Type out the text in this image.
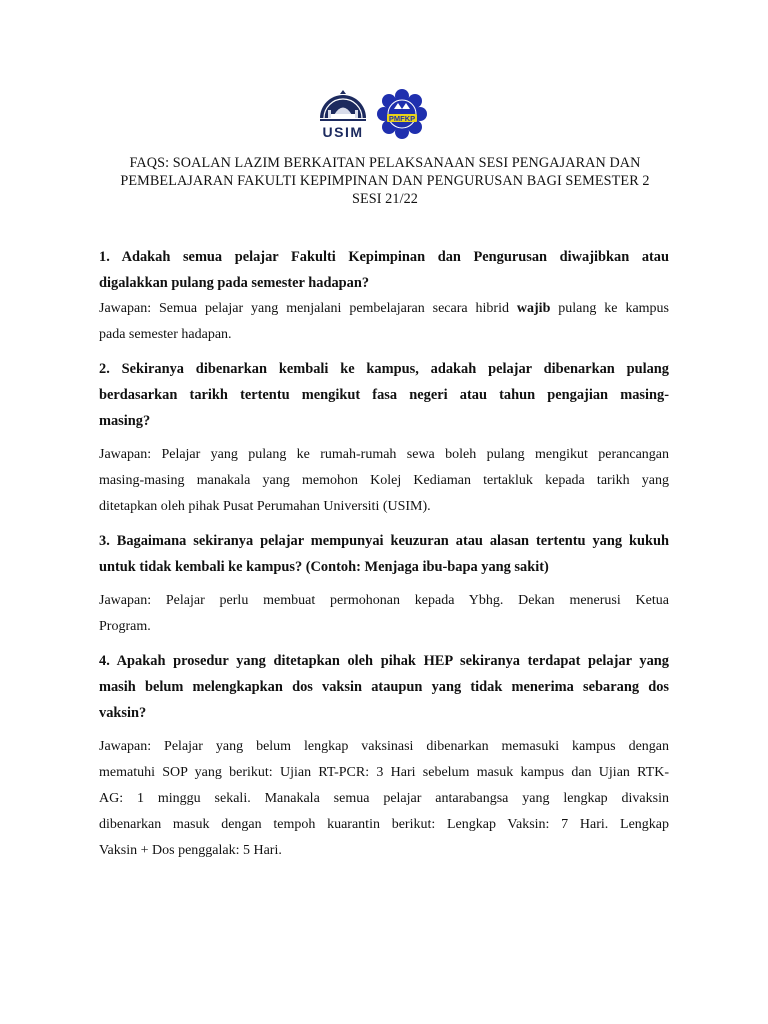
USIM
PMFKP
FAQS: SOALAN LAZIM BERKAITAN PELAKSANAAN SESI PENGAJARAN DAN
PEMBELAJARAN FAKULTI KEPIMPINAN DAN PENGURUSAN BAGI SEMESTER 2
SESI 21/22

1. Adakah semua pelajar Fakulti Kepimpinan dan Pengurusan diwajibkan atau

digalakkan pulang pada semester hadapan?

Jawapan: Semua pelajar yang menjalani pembelajaran secara hibrid wajib pulang ke kampus

pada semester hadapan.

2. Sekiranya dibenarkan kembali ke kampus, adakah pelajar dibenarkan pulang

berdasarkan tarikh tertentu mengikut fasa negeri atau tahun pengajian masing-

masing?

Jawapan: Pelajar yang pulang ke rumah-rumah sewa boleh pulang mengikut perancangan

masing-masing manakala yang memohon Kolej Kediaman tertakluk kepada tarikh yang

ditetapkan oleh pihak Pusat Perumahan Universiti (USIM).

3. Bagaimana sekiranya pelajar mempunyai keuzuran atau alasan tertentu yang kukuh

untuk tidak kembali ke kampus? (Contoh: Menjaga ibu-bapa yang sakit)

Jawapan: Pelajar perlu membuat permohonan kepada Ybhg. Dekan menerusi Ketua

Program.

4. Apakah prosedur yang ditetapkan oleh pihak HEP sekiranya terdapat pelajar yang

masih belum melengkapkan dos vaksin ataupun yang tidak menerima sebarang dos

vaksin?

Jawapan: Pelajar yang belum lengkap vaksinasi dibenarkan memasuki kampus dengan

mematuhi SOP yang berikut: Ujian RT-PCR: 3 Hari sebelum masuk kampus dan Ujian RTK-

AG: 1 minggu sekali. Manakala semua pelajar antarabangsa yang lengkap divaksin

dibenarkan masuk dengan tempoh kuarantin berikut: Lengkap Vaksin: 7 Hari. Lengkap

Vaksin + Dos penggalak: 5 Hari.
